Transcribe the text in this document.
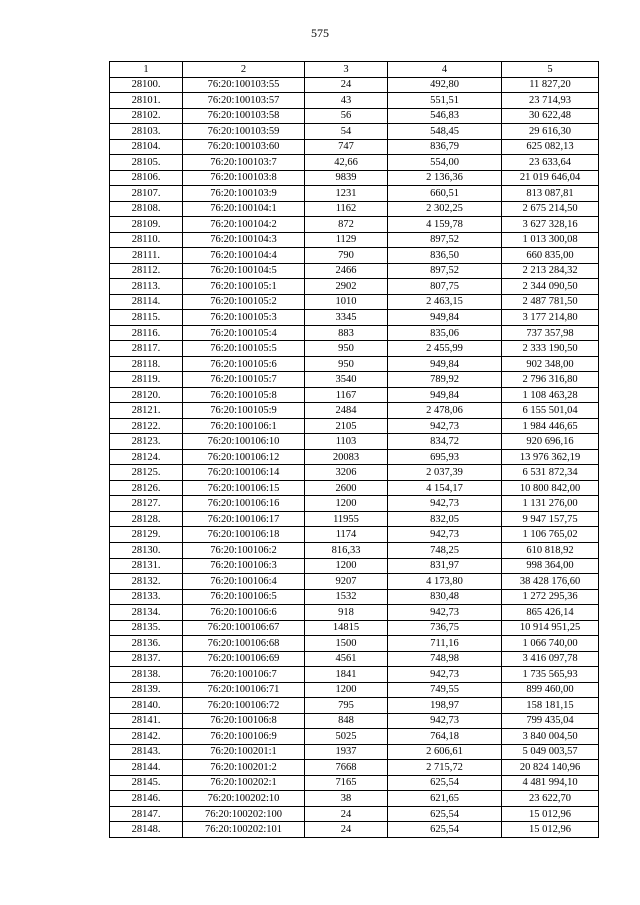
575
1	2	3	4	5
28100.	76:20:100103:55	24	492,80	11 827,20
28101.	76:20:100103:57	43	551,51	23 714,93
28102.	76:20:100103:58	56	546,83	30 622,48
28103.	76:20:100103:59	54	548,45	29 616,30
28104.	76:20:100103:60	747	836,79	625 082,13
28105.	76:20:100103:7	42,66	554,00	23 633,64
28106.	76:20:100103:8	9839	2 136,36	21 019 646,04
28107.	76:20:100103:9	1231	660,51	813 087,81
28108.	76:20:100104:1	1162	2 302,25	2 675 214,50
28109.	76:20:100104:2	872	4 159,78	3 627 328,16
28110.	76:20:100104:3	1129	897,52	1 013 300,08
28111.	76:20:100104:4	790	836,50	660 835,00
28112.	76:20:100104:5	2466	897,52	2 213 284,32
28113.	76:20:100105:1	2902	807,75	2 344 090,50
28114.	76:20:100105:2	1010	2 463,15	2 487 781,50
28115.	76:20:100105:3	3345	949,84	3 177 214,80
28116.	76:20:100105:4	883	835,06	737 357,98
28117.	76:20:100105:5	950	2 455,99	2 333 190,50
28118.	76:20:100105:6	950	949,84	902 348,00
28119.	76:20:100105:7	3540	789,92	2 796 316,80
28120.	76:20:100105:8	1167	949,84	1 108 463,28
28121.	76:20:100105:9	2484	2 478,06	6 155 501,04
28122.	76:20:100106:1	2105	942,73	1 984 446,65
28123.	76:20:100106:10	1103	834,72	920 696,16
28124.	76:20:100106:12	20083	695,93	13 976 362,19
28125.	76:20:100106:14	3206	2 037,39	6 531 872,34
28126.	76:20:100106:15	2600	4 154,17	10 800 842,00
28127.	76:20:100106:16	1200	942,73	1 131 276,00
28128.	76:20:100106:17	11955	832,05	9 947 157,75
28129.	76:20:100106:18	1174	942,73	1 106 765,02
28130.	76:20:100106:2	816,33	748,25	610 818,92
28131.	76:20:100106:3	1200	831,97	998 364,00
28132.	76:20:100106:4	9207	4 173,80	38 428 176,60
28133.	76:20:100106:5	1532	830,48	1 272 295,36
28134.	76:20:100106:6	918	942,73	865 426,14
28135.	76:20:100106:67	14815	736,75	10 914 951,25
28136.	76:20:100106:68	1500	711,16	1 066 740,00
28137.	76:20:100106:69	4561	748,98	3 416 097,78
28138.	76:20:100106:7	1841	942,73	1 735 565,93
28139.	76:20:100106:71	1200	749,55	899 460,00
28140.	76:20:100106:72	795	198,97	158 181,15
28141.	76:20:100106:8	848	942,73	799 435,04
28142.	76:20:100106:9	5025	764,18	3 840 004,50
28143.	76:20:100201:1	1937	2 606,61	5 049 003,57
28144.	76:20:100201:2	7668	2 715,72	20 824 140,96
28145.	76:20:100202:1	7165	625,54	4 481 994,10
28146.	76:20:100202:10	38	621,65	23 622,70
28147.	76:20:100202:100	24	625,54	15 012,96
28148.	76:20:100202:101	24	625,54	15 012,96
